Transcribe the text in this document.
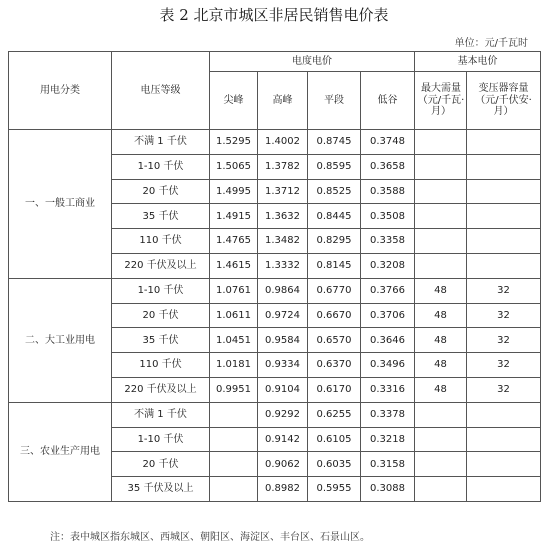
表 2 北京市城区非居民销售电价表
单位：元/千瓦时
用电分类	电压等级	电度电价				基本电价	
		尖峰	高峰	平段	低谷	最大需量（元/千瓦·月）	变压器容量（元/千伏安·月）
一、一般工商业	不满 1 千伏	1.5295	1.4002	0.8745	0.3748		
	1-10 千伏	1.5065	1.3782	0.8595	0.3658		
	20 千伏	1.4995	1.3712	0.8525	0.3588		
	35 千伏	1.4915	1.3632	0.8445	0.3508		
	110 千伏	1.4765	1.3482	0.8295	0.3358		
	220 千伏及以上	1.4615	1.3332	0.8145	0.3208		
二、大工业用电	1-10 千伏	1.0761	0.9864	0.6770	0.3766	48	32
	20 千伏	1.0611	0.9724	0.6670	0.3706	48	32
	35 千伏	1.0451	0.9584	0.6570	0.3646	48	32
	110 千伏	1.0181	0.9334	0.6370	0.3496	48	32
	220 千伏及以上	0.9951	0.9104	0.6170	0.3316	48	32
三、农业生产用电	不满 1 千伏		0.9292	0.6255	0.3378		
	1-10 千伏		0.9142	0.6105	0.3218		
	20 千伏		0.9062	0.6035	0.3158		
	35 千伏及以上		0.8982	0.5955	0.3088		
注：表中城区指东城区、西城区、朝阳区、海淀区、丰台区、石景山区。
